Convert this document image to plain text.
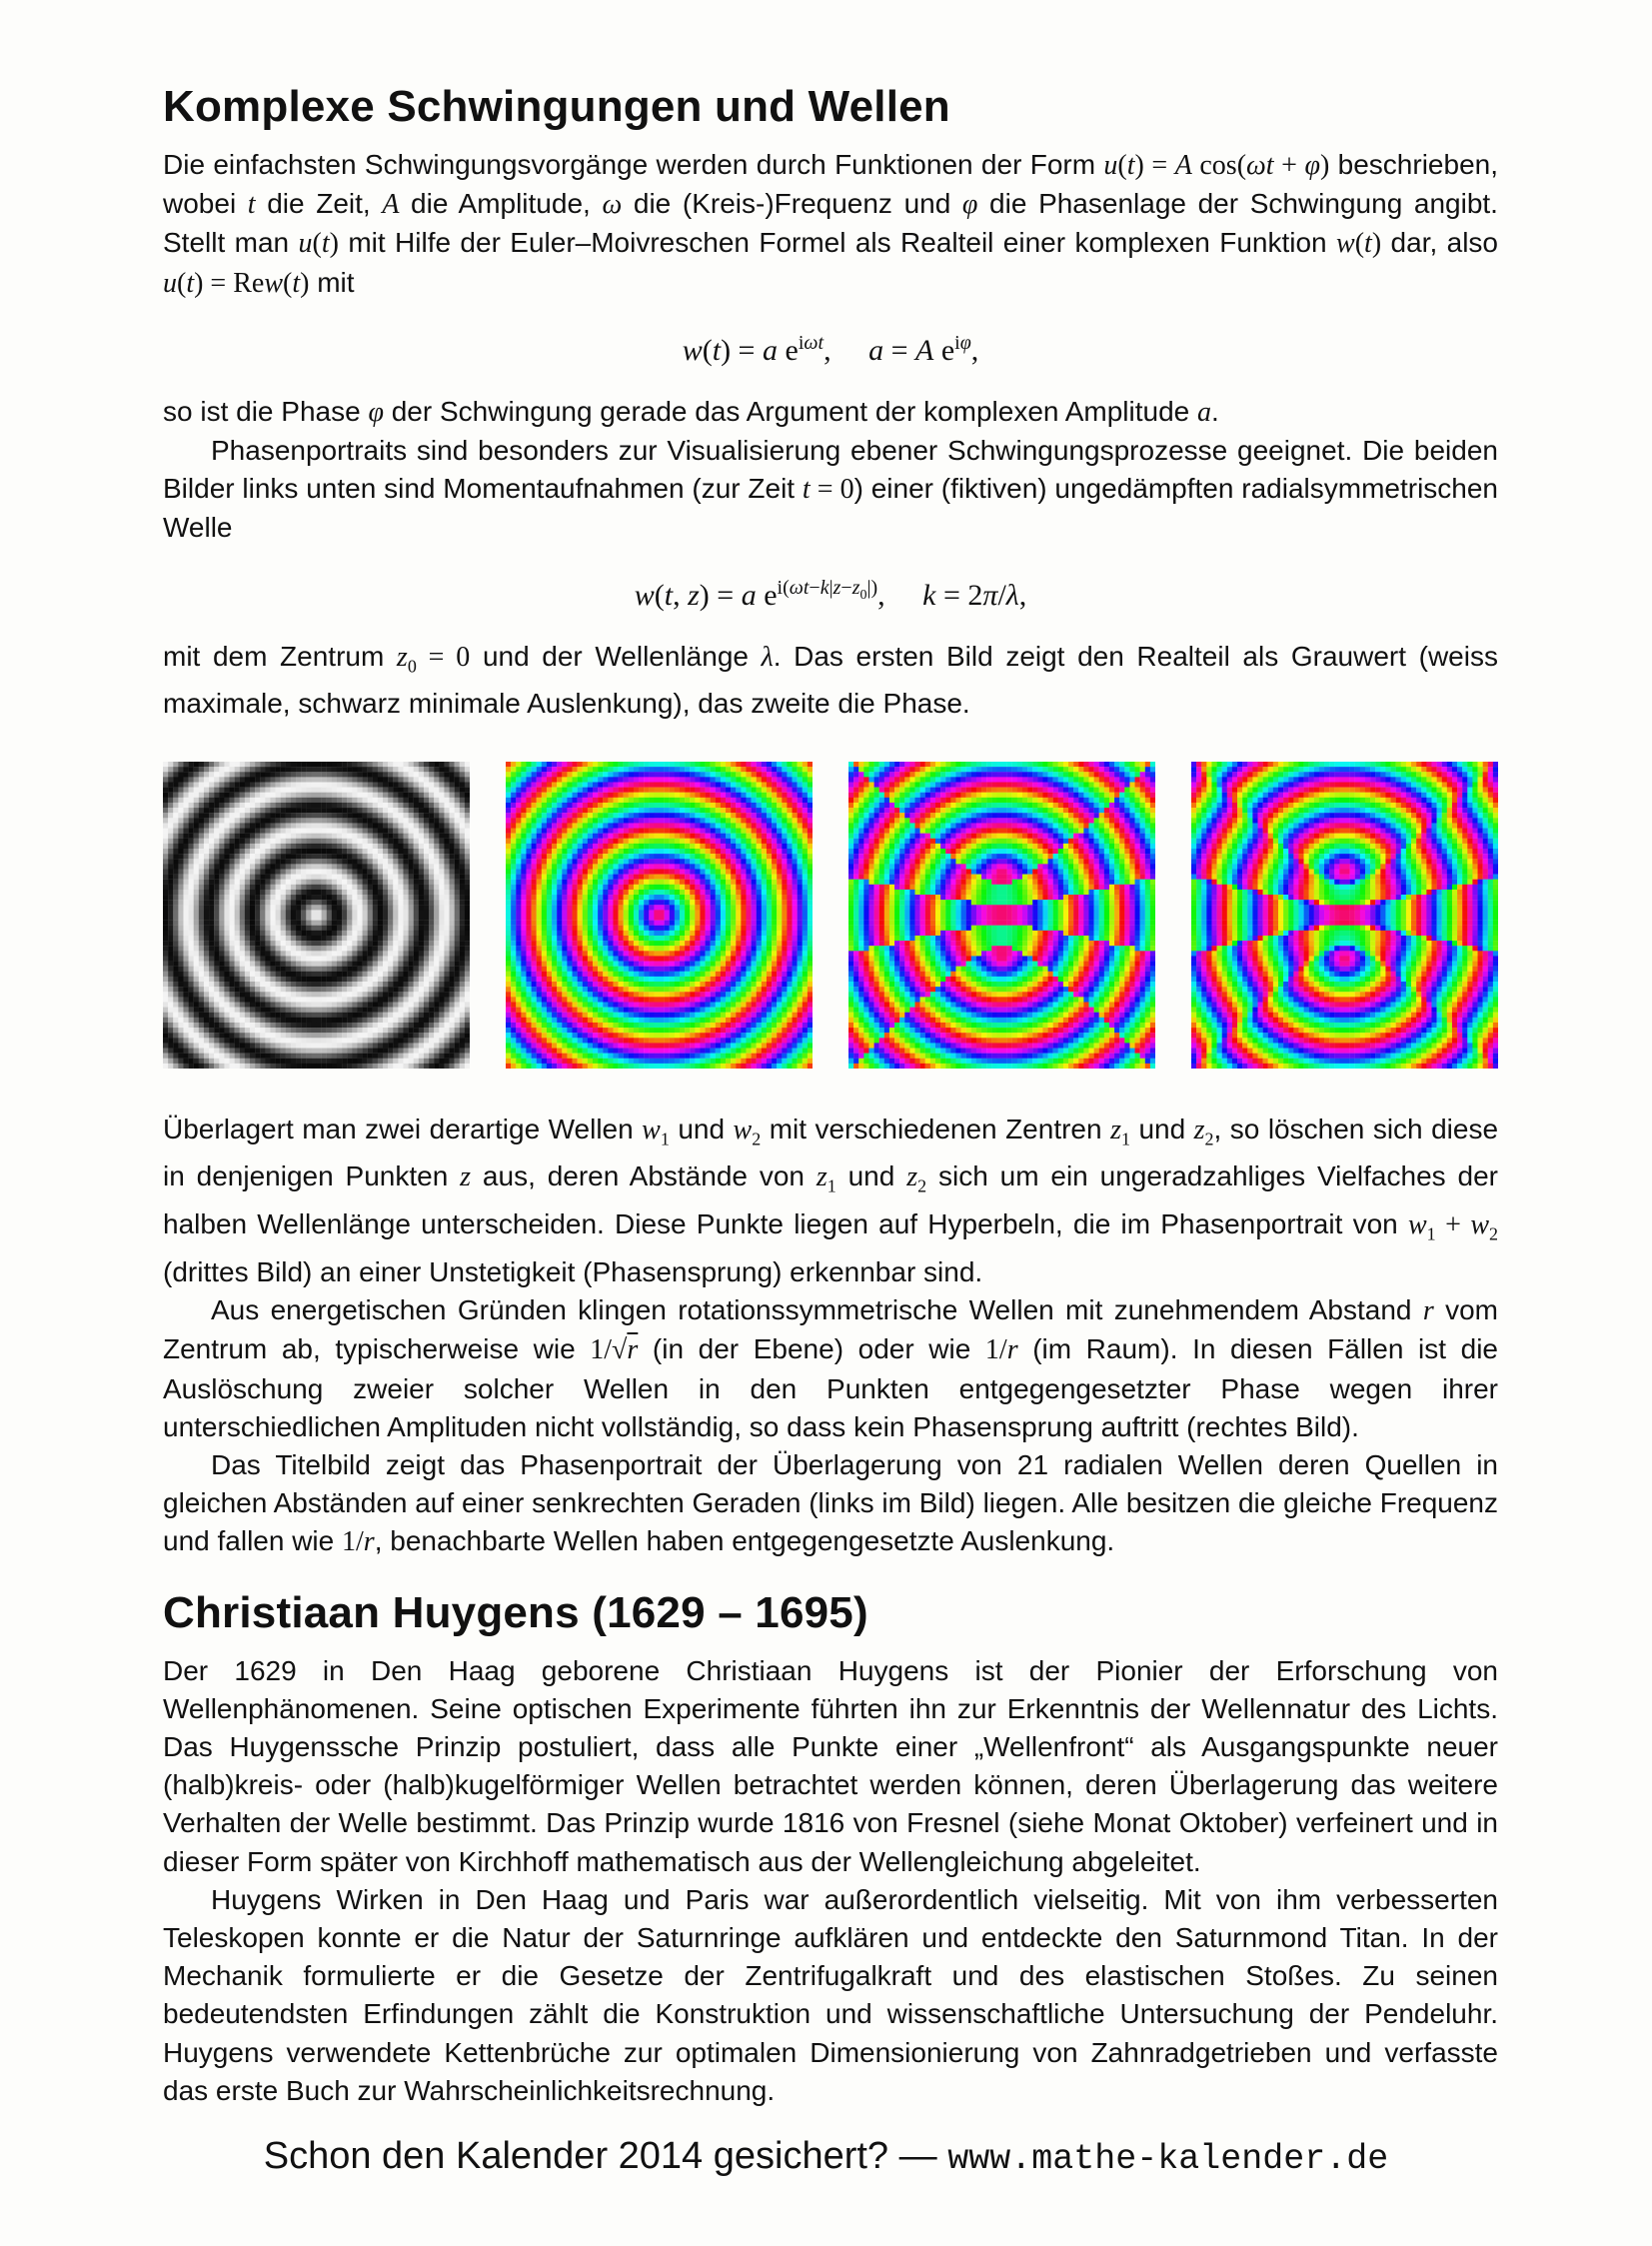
Komplexe Schwingungen und Wellen

Die einfachsten Schwingungsvorgänge werden durch Funktionen der Form u(t) = A cos(ωt + φ) beschrieben, wobei t die Zeit, A die Amplitude, ω die (Kreis-)Frequenz und φ die Phasenlage der Schwingung angibt. Stellt man u(t) mit Hilfe der Euler–Moivreschen Formel als Realteil einer komplexen Funktion w(t) dar, also u(t) = Rew(t) mit

w(t) = a $e^{i\omega t}$,     a = A $e^{i\varphi}$,

so ist die Phase φ der Schwingung gerade das Argument der komplexen Amplitude a.

Phasenportraits sind besonders zur Visualisierung ebener Schwingungsprozesse geeignet. Die beiden Bilder links unten sind Momentaufnahmen (zur Zeit t = 0) einer (fiktiven) ungedämpften radialsymmetrischen Welle

w(t, z) = a $e^{i(\omega t-k|z-z_0|)}$,     k = 2π/λ,

mit dem Zentrum $z_0 = 0$ und der Wellenlänge λ. Das ersten Bild zeigt den Realteil als Grauwert (weiss maximale, schwarz minimale Auslenkung), das zweite die Phase.

Überlagert man zwei derartige Wellen $w_1$ und $w_2$ mit verschiedenen Zentren $z_1$ und $z_2$, so löschen sich diese in denjenigen Punkten z aus, deren Abstände von $z_1$ und $z_2$ sich um ein ungeradzahliges Vielfaches der halben Wellenlänge unterscheiden. Diese Punkte liegen auf Hyperbeln, die im Phasenportrait von $w_1 + w_2$ (drittes Bild) an einer Unstetigkeit (Phasensprung) erkennbar sind.

Aus energetischen Gründen klingen rotationssymmetrische Wellen mit zunehmendem Abstand r vom Zentrum ab, typischerweise wie 1/√r (in der Ebene) oder wie 1/r (im Raum). In diesen Fällen ist die Auslöschung zweier solcher Wellen in den Punkten entgegengesetzter Phase wegen ihrer unterschiedlichen Amplituden nicht vollständig, so dass kein Phasensprung auftritt (rechtes Bild).

Das Titelbild zeigt das Phasenportrait der Überlagerung von 21 radialen Wellen deren Quellen in gleichen Abständen auf einer senkrechten Geraden (links im Bild) liegen. Alle besitzen die gleiche Frequenz und fallen wie 1/r, benachbarte Wellen haben entgegengesetzte Auslenkung.

Christiaan Huygens (1629 – 1695)

Der 1629 in Den Haag geborene Christiaan Huygens ist der Pionier der Erforschung von Wellenphänomenen. Seine optischen Experimente führten ihn zur Erkenntnis der Wellennatur des Lichts. Das Huygenssche Prinzip postuliert, dass alle Punkte einer „Wellenfront“ als Ausgangspunkte neuer (halb)kreis- oder (halb)kugelförmiger Wellen betrachtet werden können, deren Überlagerung das weitere Verhalten der Welle bestimmt. Das Prinzip wurde 1816 von Fresnel (siehe Monat Oktober) verfeinert und in dieser Form später von Kirchhoff mathematisch aus der Wellengleichung abgeleitet.

Huygens Wirken in Den Haag und Paris war außerordentlich vielseitig. Mit von ihm verbesserten Teleskopen konnte er die Natur der Saturnringe aufklären und entdeckte den Saturnmond Titan. In der Mechanik formulierte er die Gesetze der Zentrifugalkraft und des elastischen Stoßes. Zu seinen bedeutendsten Erfindungen zählt die Konstruktion und wissenschaftliche Untersuchung der Pendeluhr. Huygens verwendete Kettenbrüche zur optimalen Dimensionierung von Zahnradgetrieben und verfasste das erste Buch zur Wahrscheinlichkeitsrechnung.

Schon den Kalender 2014 gesichert? — www.mathe-kalender.de
